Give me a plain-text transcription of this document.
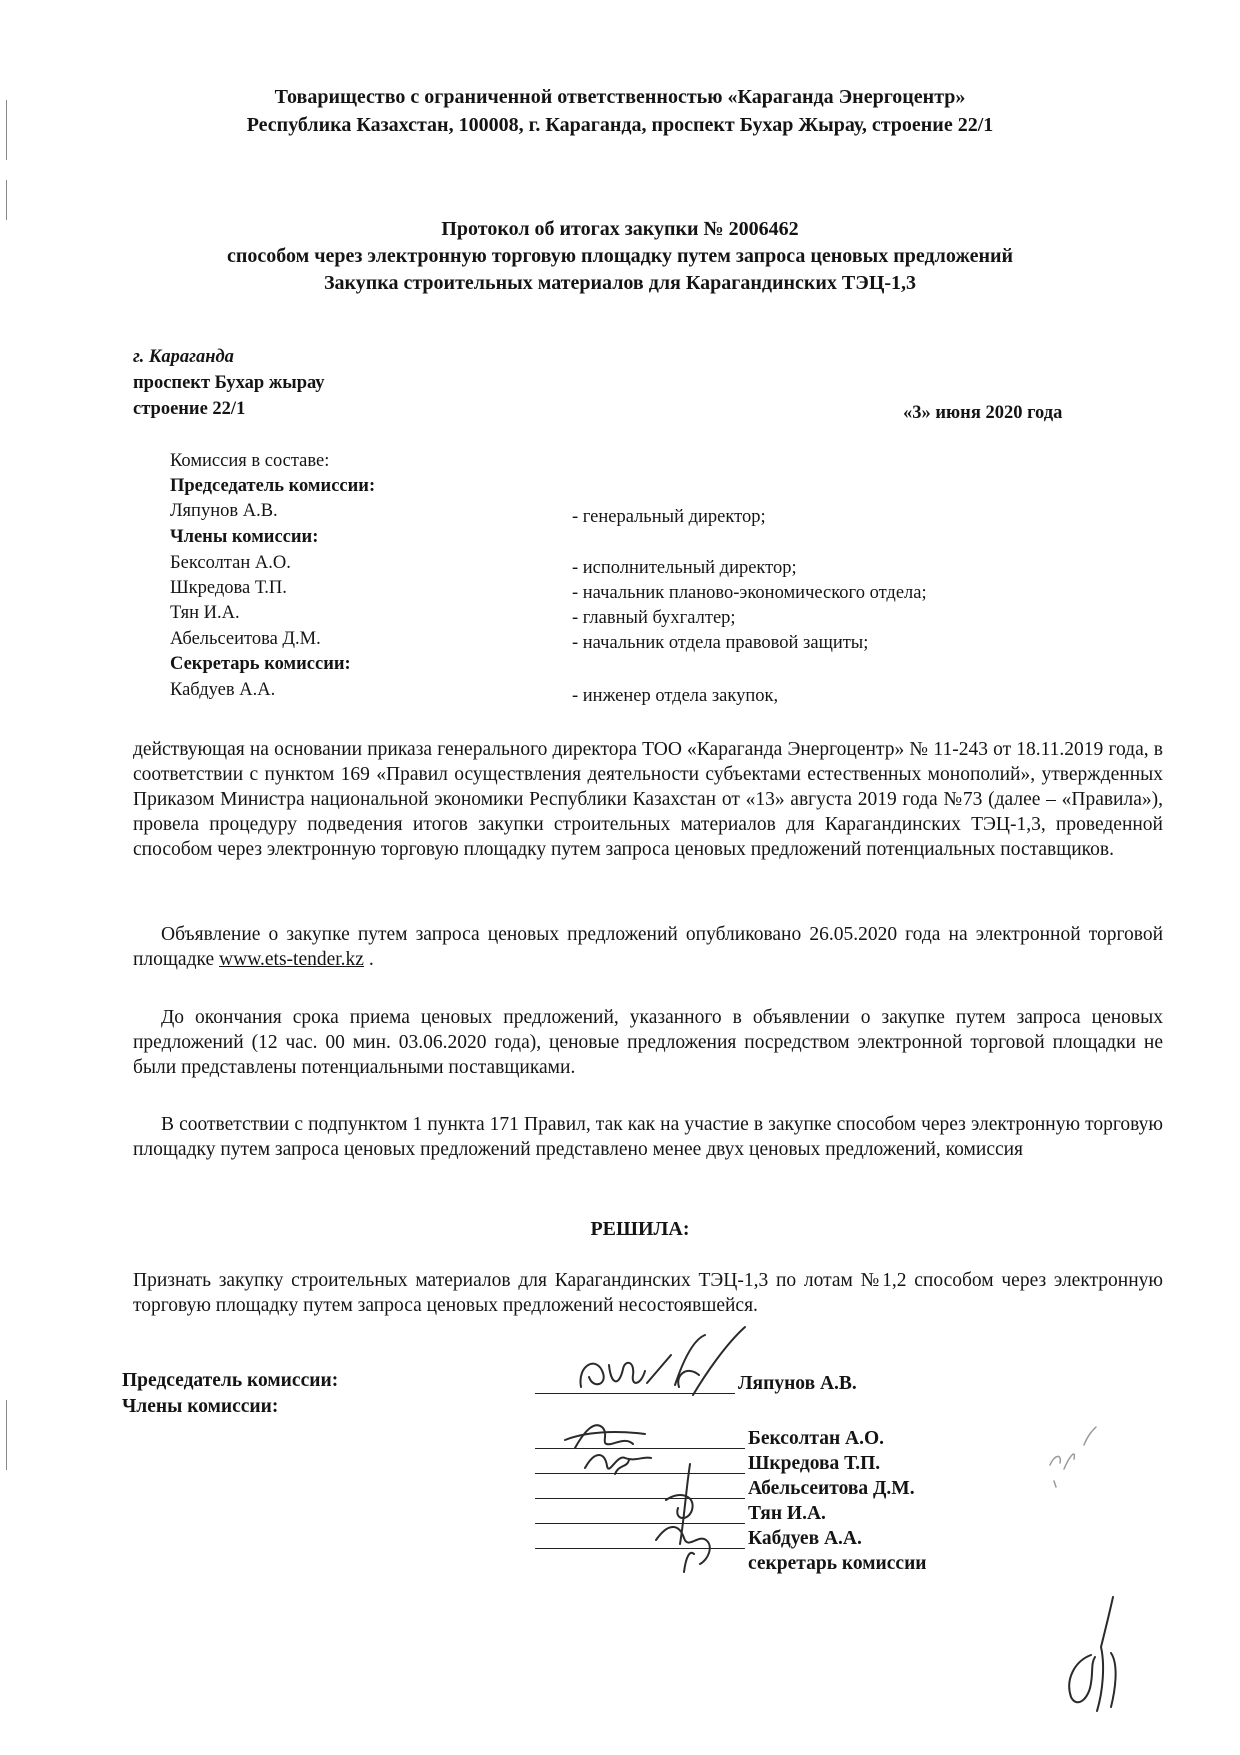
Товарищество с ограниченной ответственностью «Караганда Энергоцентр»
Республика Казахстан, 100008, г. Караганда, проспект Бухар Жырау, строение 22/1
Протокол об итогах закупки № 2006462
способом через электронную торговую площадку путем запроса ценовых предложений
Закупка строительных материалов для Карагандинских ТЭЦ-1,3
г. Караганда
проспект Бухар жырау
строение 22/1	«3» июня 2020 года
Комиссия в составе:
Председатель комиссии:
Ляпунов А.В.	- генеральный директор;
Члены комиссии:
Бексолтан А.О.	- исполнительный директор;
Шкредова Т.П.	- начальник планово-экономического отдела;
Тян И.А.	- главный бухгалтер;
Абельсеитова Д.М.	- начальник отдела правовой защиты;
Секретарь комиссии:
Кабдуев А.А.	- инженер отдела закупок,
действующая на основании приказа генерального директора ТОО «Караганда Энергоцентр» № 11-243 от 18.11.2019 года, в соответствии с пунктом 169 «Правил осуществления деятельности субъектами естественных монополий», утвержденных Приказом Министра национальной экономики Республики Казахстан от «13» августа 2019 года №73 (далее – «Правила»), провела процедуру подведения итогов закупки строительных материалов для Карагандинских ТЭЦ-1,3, проведенной способом через электронную торговую площадку путем запроса ценовых предложений потенциальных поставщиков.
Объявление о закупке путем запроса ценовых предложений опубликовано 26.05.2020 года на электронной торговой площадке www.ets-tender.kz .
До окончания срока приема ценовых предложений, указанного в объявлении о закупке путем запроса ценовых предложений (12 час. 00 мин. 03.06.2020 года), ценовые предложения посредством электронной торговой площадки не были представлены потенциальными поставщиками.
В соответствии с подпунктом 1 пункта 171 Правил, так как на участие в закупке способом через электронную торговую площадку путем запроса ценовых предложений представлено менее двух ценовых предложений, комиссия
РЕШИЛА:
Признать закупку строительных материалов для Карагандинских ТЭЦ-1,3 по лотам №1,2 способом через электронную торговую площадку путем запроса ценовых предложений несостоявшейся.
Председатель комиссии:
Члены комиссии:
Ляпунов А.В.
Бексолтан А.О.
Шкредова Т.П.
Абельсеитова Д.М.
Тян И.А.
Кабдуев А.А.
секретарь комиссии
